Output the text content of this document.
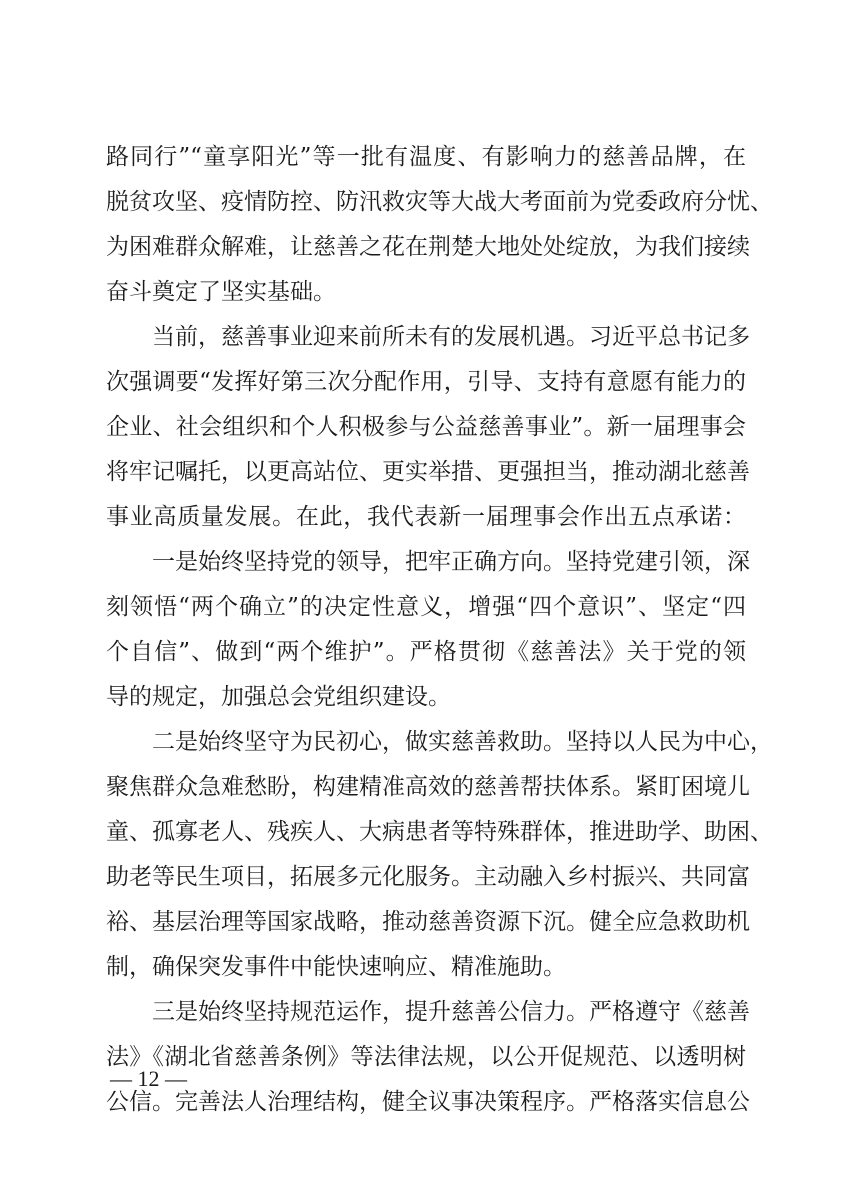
路同行”“童享阳光”等一批有温度、有影响力的慈善品牌，在
脱贫攻坚、疫情防控、防汛救灾等大战大考面前为党委政府分忧、
为困难群众解难，让慈善之花在荆楚大地处处绽放，为我们接续
奋斗奠定了坚实基础。
当前，慈善事业迎来前所未有的发展机遇。习近平总书记多
次强调要“发挥好第三次分配作用，引导、支持有意愿有能力的
企业、社会组织和个人积极参与公益慈善事业”。新一届理事会
将牢记嘱托，以更高站位、更实举措、更强担当，推动湖北慈善
事业高质量发展。在此，我代表新一届理事会作出五点承诺：
一是始终坚持党的领导，把牢正确方向。坚持党建引领，深
刻领悟“两个确立”的决定性意义，增强“四个意识”、坚定“四
个自信”、做到“两个维护”。严格贯彻《慈善法》关于党的领
导的规定，加强总会党组织建设。
二是始终坚守为民初心，做实慈善救助。坚持以人民为中心，
聚焦群众急难愁盼，构建精准高效的慈善帮扶体系。紧盯困境儿
童、孤寡老人、残疾人、大病患者等特殊群体，推进助学、助困、
助老等民生项目，拓展多元化服务。主动融入乡村振兴、共同富
裕、基层治理等国家战略，推动慈善资源下沉。健全应急救助机
制，确保突发事件中能快速响应、精准施助。
三是始终坚持规范运作，提升慈善公信力。严格遵守《慈善
法》《湖北省慈善条例》等法律法规，以公开促规范、以透明树
公信。完善法人治理结构，健全议事决策程序。严格落实信息公
— 12 —
